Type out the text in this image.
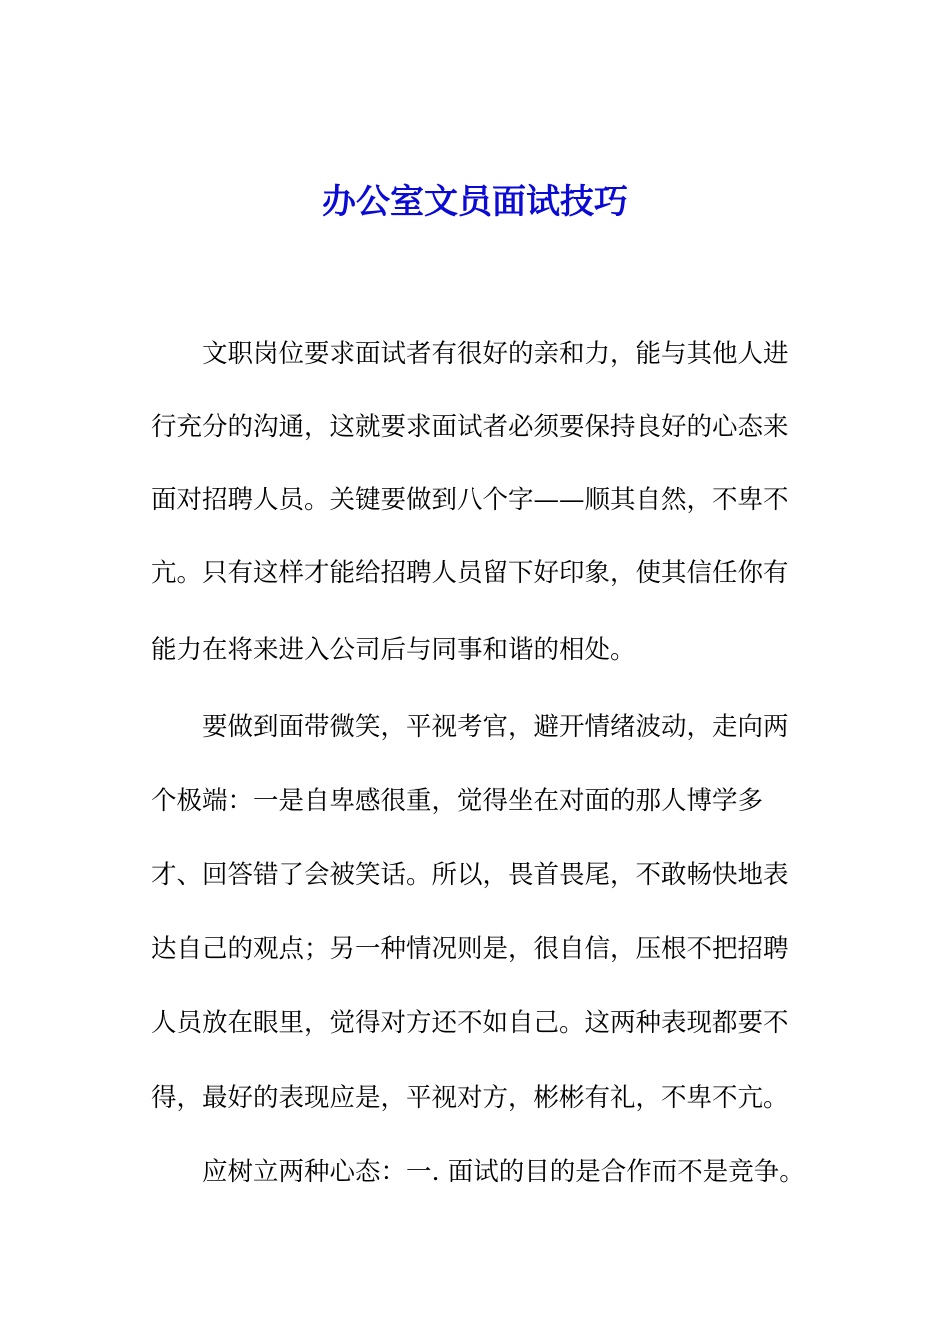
办公室文员面试技巧
文职岗位要求面试者有很好的亲和力，能与其他人进
行充分的沟通，这就要求面试者必须要保持良好的心态来
面对招聘人员。关键要做到八个字——顺其自然，不卑不
亢。只有这样才能给招聘人员留下好印象，使其信任你有
能力在将来进入公司后与同事和谐的相处。
要做到面带微笑，平视考官，避开情绪波动，走向两
个极端：一是自卑感很重，觉得坐在对面的那人博学多
才、回答错了会被笑话。所以，畏首畏尾，不敢畅快地表
达自己的观点；另一种情况则是，很自信，压根不把招聘
人员放在眼里，觉得对方还不如自己。这两种表现都要不
得，最好的表现应是，平视对方，彬彬有礼，不卑不亢。
应树立两种心态：一. 面试的目的是合作而不是竞争。
